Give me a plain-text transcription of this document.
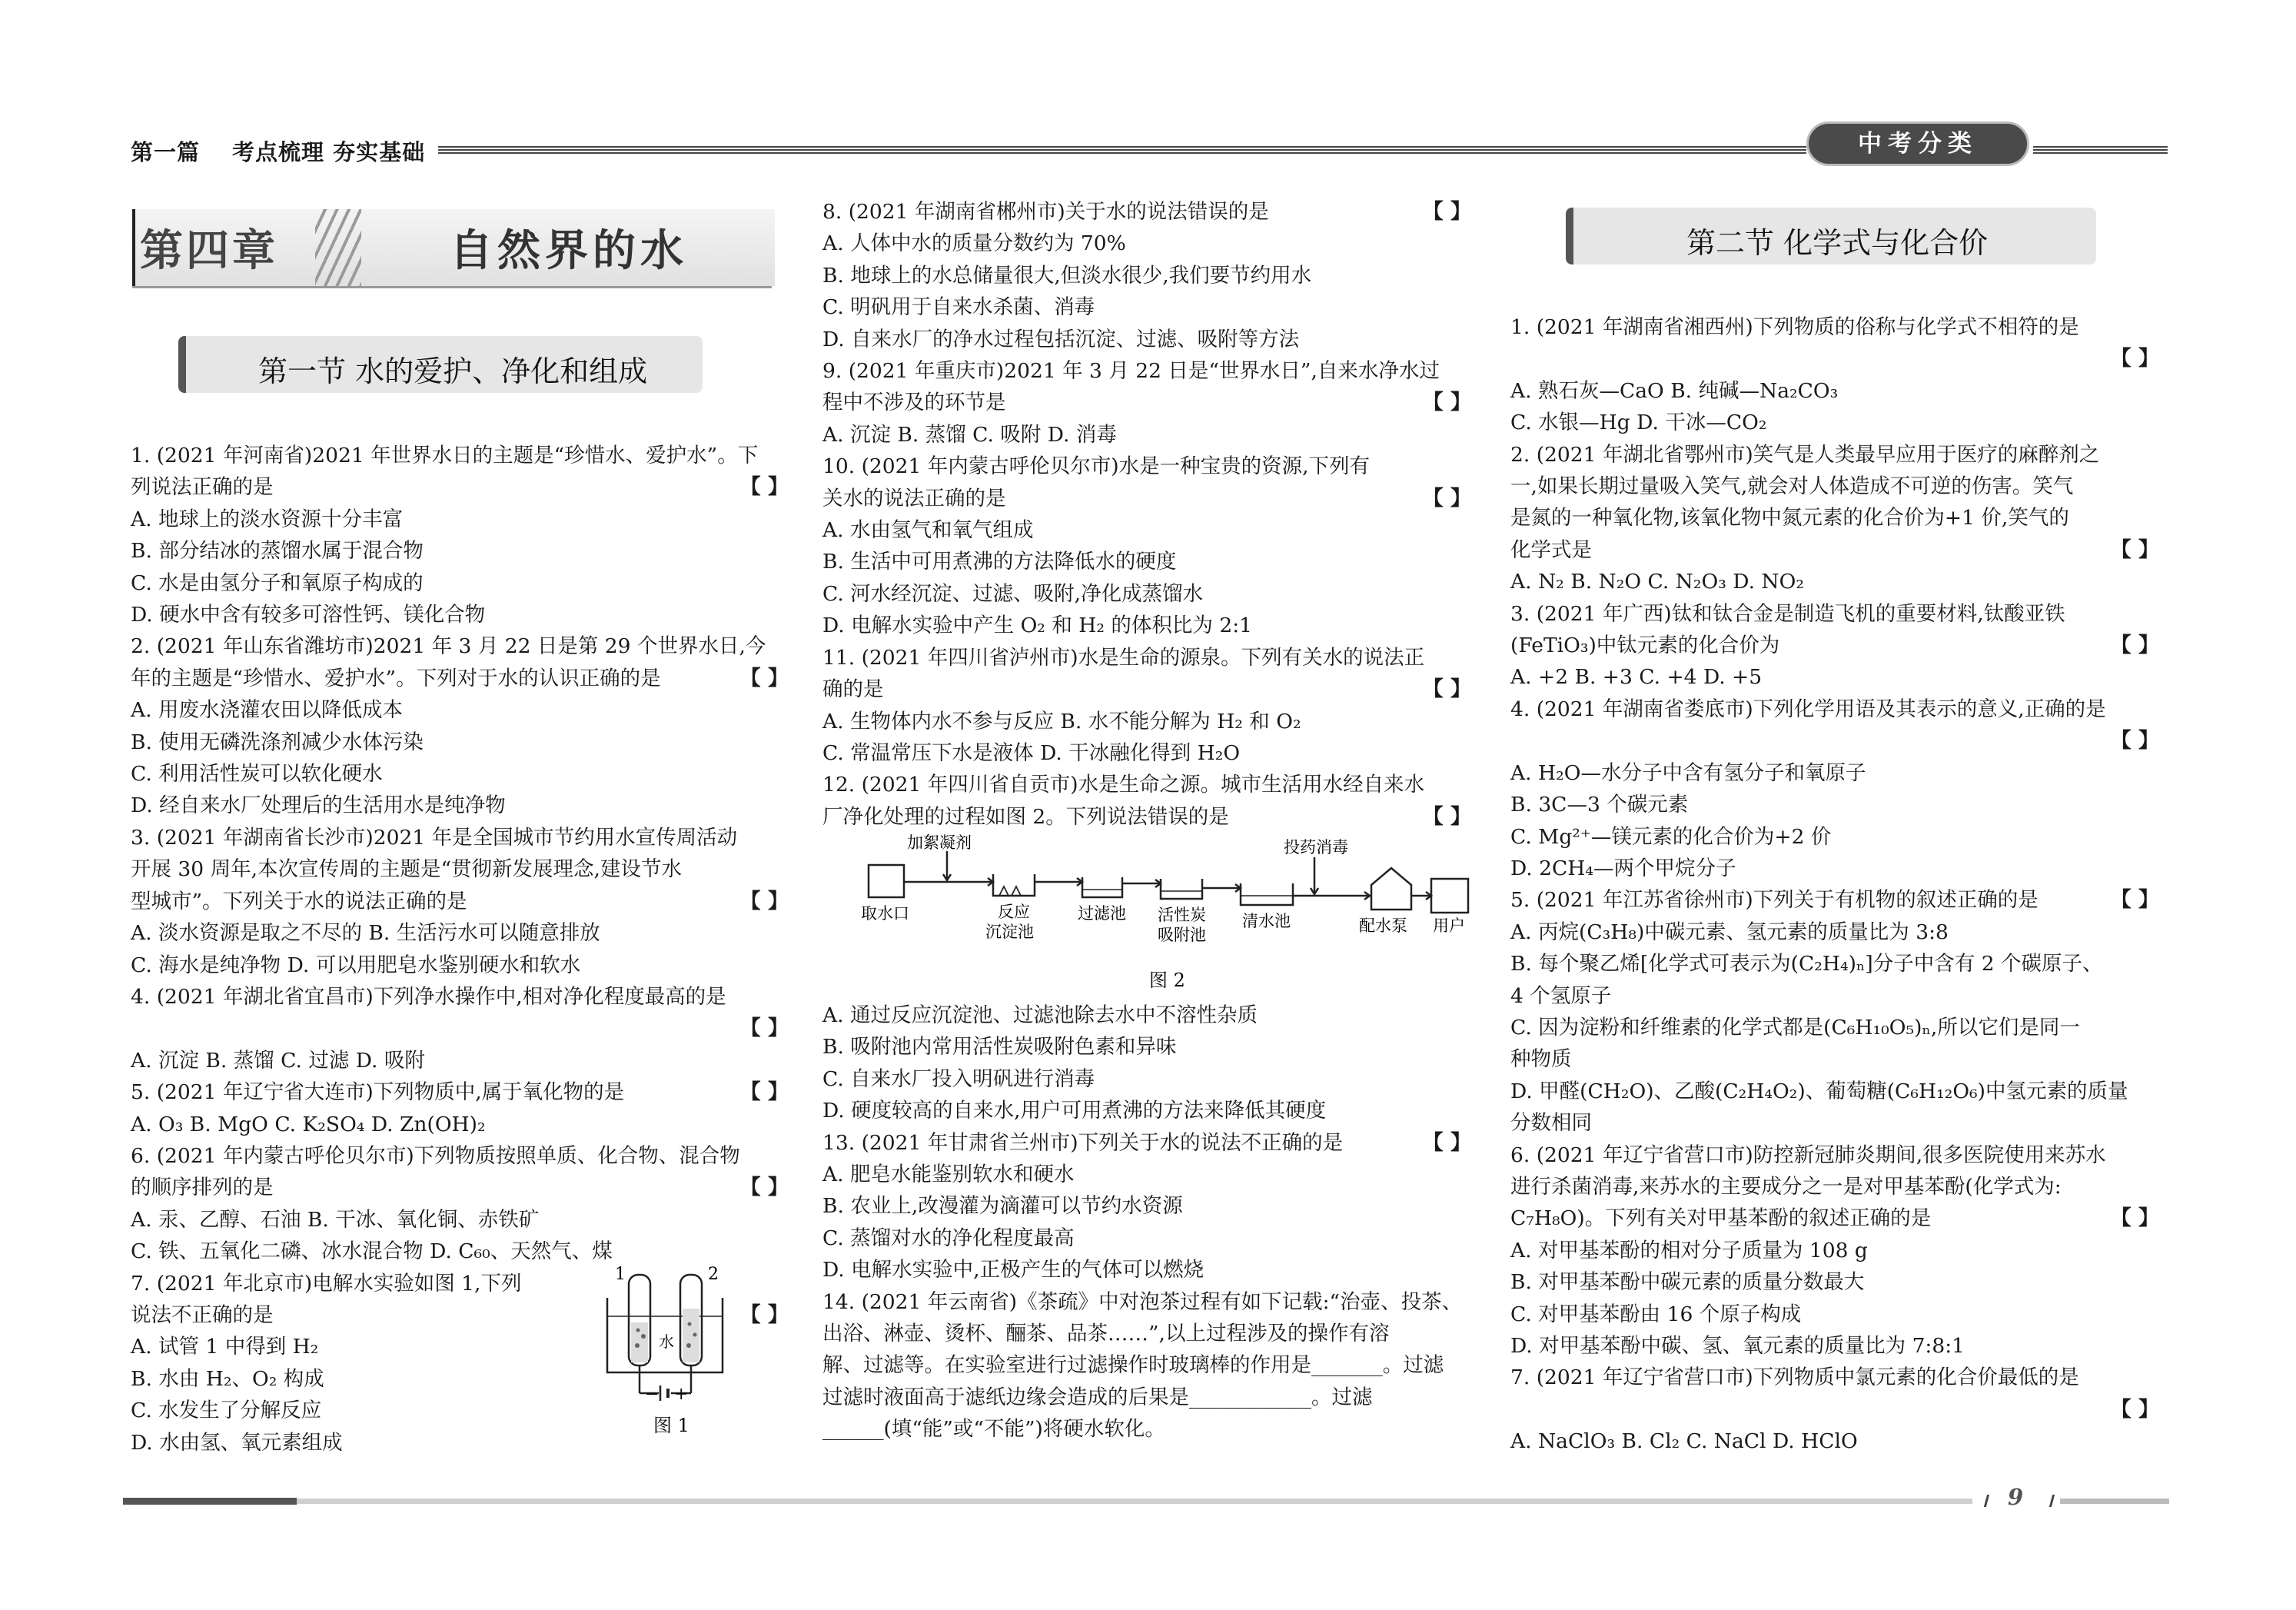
第一篇 考点梳理 夯实基础	中考分类
第四章	自然界的水
第一节 水的爱护、净化和组成
第二节 化学式与化合价
1. (2021 年河南省)2021 年世界水日的主题是“珍惜水、爱护水”。下
列说法正确的是	【 】
A. 地球上的淡水资源十分丰富
B. 部分结冰的蒸馏水属于混合物
C. 水是由氢分子和氧原子构成的
D. 硬水中含有较多可溶性钙、镁化合物
2. (2021 年山东省潍坊市)2021 年 3 月 22 日是第 29 个世界水日,今
年的主题是“珍惜水、爱护水”。下列对于水的认识正确的是	【 】
A. 用废水浇灌农田以降低成本
B. 使用无磷洗涤剂减少水体污染
C. 利用活性炭可以软化硬水
D. 经自来水厂处理后的生活用水是纯净物
3. (2021 年湖南省长沙市)2021 年是全国城市节约用水宣传周活动
开展 30 周年,本次宣传周的主题是“贯彻新发展理念,建设节水
型城市”。下列关于水的说法正确的是	【 】
A. 淡水资源是取之不尽的 B. 生活污水可以随意排放
C. 海水是纯净物 D. 可以用肥皂水鉴别硬水和软水
4. (2021 年湖北省宜昌市)下列净水操作中,相对净化程度最高的是

【 】
A. 沉淀 B. 蒸馏 C. 过滤 D. 吸附
5. (2021 年辽宁省大连市)下列物质中,属于氧化物的是	【 】
A. O₃ B. MgO C. K₂SO₄ D. Zn(OH)₂
6. (2021 年内蒙古呼伦贝尔市)下列物质按照单质、化合物、混合物
的顺序排列的是	【 】
A. 汞、乙醇、石油 B. 干冰、氧化铜、赤铁矿
C. 铁、五氧化二磷、冰水混合物 D. C₆₀、天然气、煤
7. (2021 年北京市)电解水实验如图 1,下列
说法不正确的是	【 】
A. 试管 1 中得到 H₂
B. 水由 H₂、O₂ 构成
C. 水发生了分解反应
D. 水由氢、氧元素组成
8. (2021 年湖南省郴州市)关于水的说法错误的是	【 】
A. 人体中水的质量分数约为 70%
B. 地球上的水总储量很大,但淡水很少,我们要节约用水
C. 明矾用于自来水杀菌、消毒
D. 自来水厂的净水过程包括沉淀、过滤、吸附等方法
9. (2021 年重庆市)2021 年 3 月 22 日是“世界水日”,自来水净水过
程中不涉及的环节是	【 】
A. 沉淀 B. 蒸馏 C. 吸附 D. 消毒
10. (2021 年内蒙古呼伦贝尔市)水是一种宝贵的资源,下列有
关水的说法正确的是	【 】
A. 水由氢气和氧气组成
B. 生活中可用煮沸的方法降低水的硬度
C. 河水经沉淀、过滤、吸附,净化成蒸馏水
D. 电解水实验中产生 O₂ 和 H₂ 的体积比为 2:1
11. (2021 年四川省泸州市)水是生命的源泉。下列有关水的说法正
确的是	【 】
A. 生物体内水不参与反应 B. 水不能分解为 H₂ 和 O₂
C. 常温常压下水是液体 D. 干冰融化得到 H₂O
12. (2021 年四川省自贡市)水是生命之源。城市生活用水经自来水
厂净化处理的过程如图 2。下列说法错误的是	【 】
A. 通过反应沉淀池、过滤池除去水中不溶性杂质
B. 吸附池内常用活性炭吸附色素和异味
C. 自来水厂投入明矾进行消毒
D. 硬度较高的自来水,用户可用煮沸的方法来降低其硬度
13. (2021 年甘肃省兰州市)下列关于水的说法不正确的是	【 】
A. 肥皂水能鉴别软水和硬水
B. 农业上,改漫灌为滴灌可以节约水资源
C. 蒸馏对水的净化程度最高
D. 电解水实验中,正极产生的气体可以燃烧
14. (2021 年云南省)《茶疏》中对泡茶过程有如下记载:“治壶、投茶、
出浴、淋壶、烫杯、酾茶、品茶……”,以上过程涉及的操作有溶
解、过滤等。在实验室进行过滤操作时玻璃棒的作用是_______。过滤
过滤时液面高于滤纸边缘会造成的后果是____________。过滤
______(填“能”或“不能”)将硬水软化。
1. (2021 年湖南省湘西州)下列物质的俗称与化学式不相符的是

【 】
A. 熟石灰—CaO B. 纯碱—Na₂CO₃
C. 水银—Hg D. 干冰—CO₂
2. (2021 年湖北省鄂州市)笑气是人类最早应用于医疗的麻醉剂之
一,如果长期过量吸入笑气,就会对人体造成不可逆的伤害。笑气
是氮的一种氧化物,该氧化物中氮元素的化合价为+1 价,笑气的
化学式是	【 】
A. N₂ B. N₂O C. N₂O₃ D. NO₂
3. (2021 年广西)钛和钛合金是制造飞机的重要材料,钛酸亚铁
(FeTiO₃)中钛元素的化合价为	【 】
A. +2 B. +3 C. +4 D. +5
4. (2021 年湖南省娄底市)下列化学用语及其表示的意义,正确的是

【 】
A. H₂O—水分子中含有氢分子和氧原子
B. 3C—3 个碳元素
C. Mg²⁺—镁元素的化合价为+2 价
D. 2CH₄—两个甲烷分子
5. (2021 年江苏省徐州市)下列关于有机物的叙述正确的是	【 】
A. 丙烷(C₃H₈)中碳元素、氢元素的质量比为 3:8
B. 每个聚乙烯[化学式可表示为(C₂H₄)ₙ]分子中含有 2 个碳原子、
4 个氢原子
C. 因为淀粉和纤维素的化学式都是(C₆H₁₀O₅)ₙ,所以它们是同一
种物质
D. 甲醛(CH₂O)、乙酸(C₂H₄O₂)、葡萄糖(C₆H₁₂O₆)中氢元素的质量
分数相同
6. (2021 年辽宁省营口市)防控新冠肺炎期间,很多医院使用来苏水
进行杀菌消毒,来苏水的主要成分之一是对甲基苯酚(化学式为:
C₇H₈O)。下列有关对甲基苯酚的叙述正确的是	【 】
A. 对甲基苯酚的相对分子质量为 108 g
B. 对甲基苯酚中碳元素的质量分数最大
C. 对甲基苯酚由 16 个原子构成
D. 对甲基苯酚中碳、氢、氧元素的质量比为 7:8:1
7. (2021 年辽宁省营口市)下列物质中氯元素的化合价最低的是

【 】
A. NaClO₃ B. Cl₂ C. NaCl D. HClO
1	2
水
− +
图 1
加絮凝剂	投药消毒
取水口	反应
沉淀池
过滤池 活性炭
吸附池
清水池	配水泵 用户
图 2
9
